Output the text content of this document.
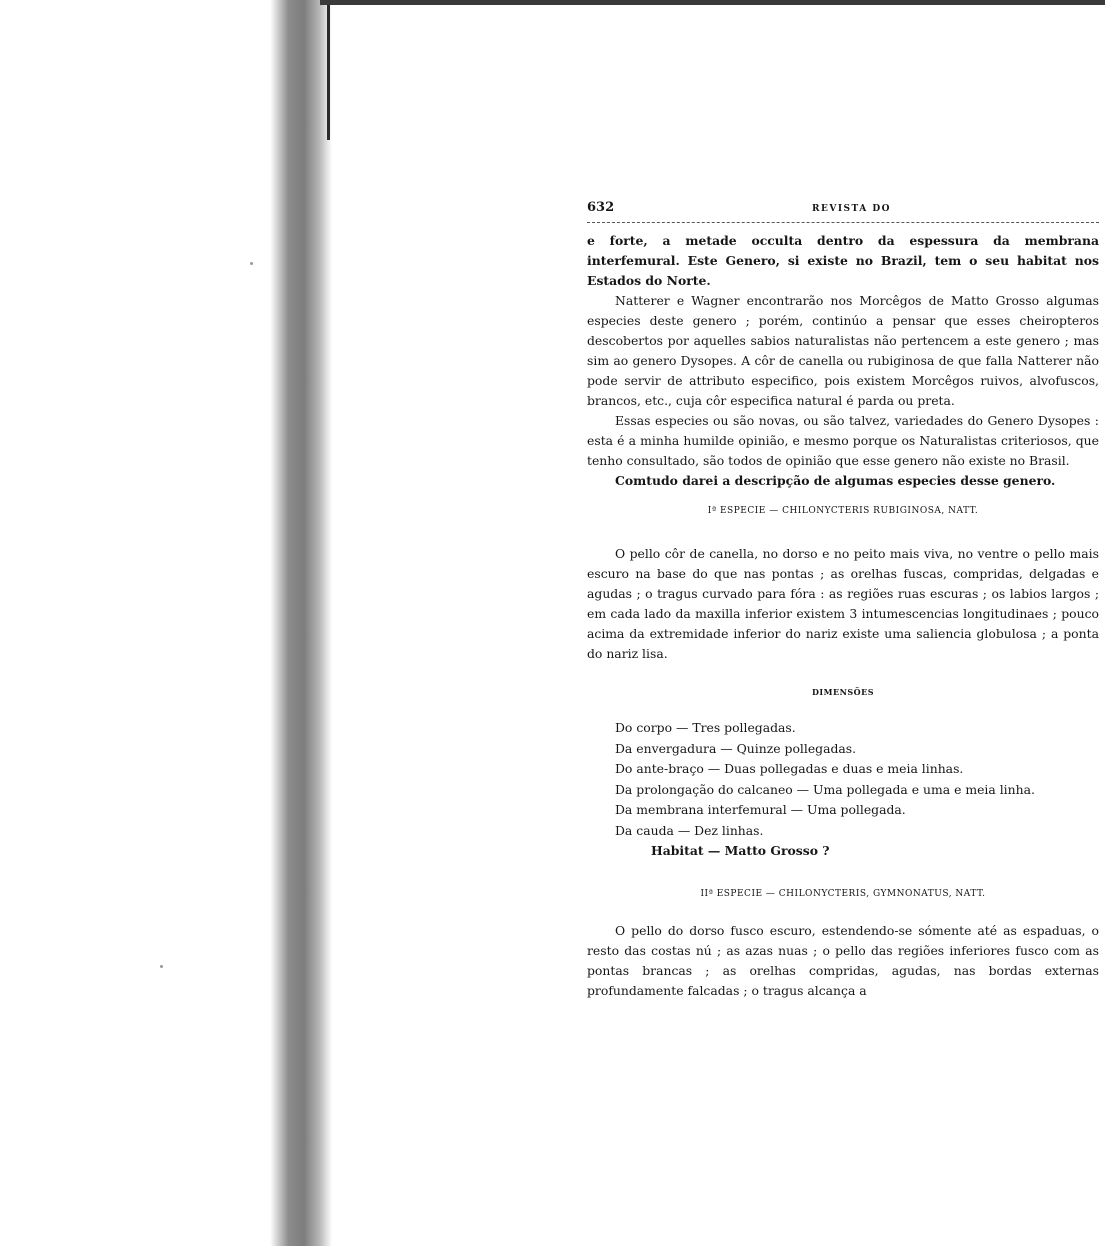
632	REVISTA DO

e forte, a metade occulta dentro da espessura da membrana interfemural. Este Genero, si existe no Brazil, tem o seu habitat nos Estados do Norte.

Natterer e Wagner encontrarão nos Morcêgos de Matto Grosso algumas especies deste genero ; porém, continúo a pensar que esses cheiropteros descobertos por aquelles sabios naturalistas não pertencem a este genero ; mas sim ao genero Dysopes. A côr de canella ou rubiginosa de que falla Natterer não pode servir de attributo especifico, pois existem Morcêgos ruivos, alvofuscos, brancos, etc., cuja côr especifica natural é parda ou preta.

Essas especies ou são novas, ou são talvez, variedades do Genero Dysopes : esta é a minha humilde opinião, e mesmo porque os Naturalistas criteriosos, que tenho consultado, são todos de opinião que esse genero não existe no Brasil.

Comtudo darei a descripção de algumas especies desse genero.

Iª ESPECIE — CHILONYCTERIS RUBIGINOSA, NATT.

O pello côr de canella, no dorso e no peito mais viva, no ventre o pello mais escuro na base do que nas pontas ; as orelhas fuscas, compridas, delgadas e agudas ; o tragus curvado para fóra : as regiões ruas escuras ; os labios largos ; em cada lado da maxilla inferior existem 3 intumescencias longitudinaes ; pouco acima da extremidade inferior do nariz existe uma saliencia globulosa ; a ponta do nariz lisa.

DIMENSÕES

Do corpo — Tres pollegadas.

Da envergadura — Quinze pollegadas.

Do ante-braço — Duas pollegadas e duas e meia linhas.

Da prolongação do calcaneo — Uma pollegada e uma e meia linha.

Da membrana interfemural — Uma pollegada.

Da cauda — Dez linhas.

Habitat — Matto Grosso ?
IIª ESPECIE — CHILONYCTERIS, GYMNONATUS, NATT.

O pello do dorso fusco escuro, estendendo-se sómente até as espaduas, o resto das costas nú ; as azas nuas ; o pello das regiões inferiores fusco com as pontas brancas ; as orelhas compridas, agudas, nas bordas externas profundamente falcadas ; o tragus alcança a
